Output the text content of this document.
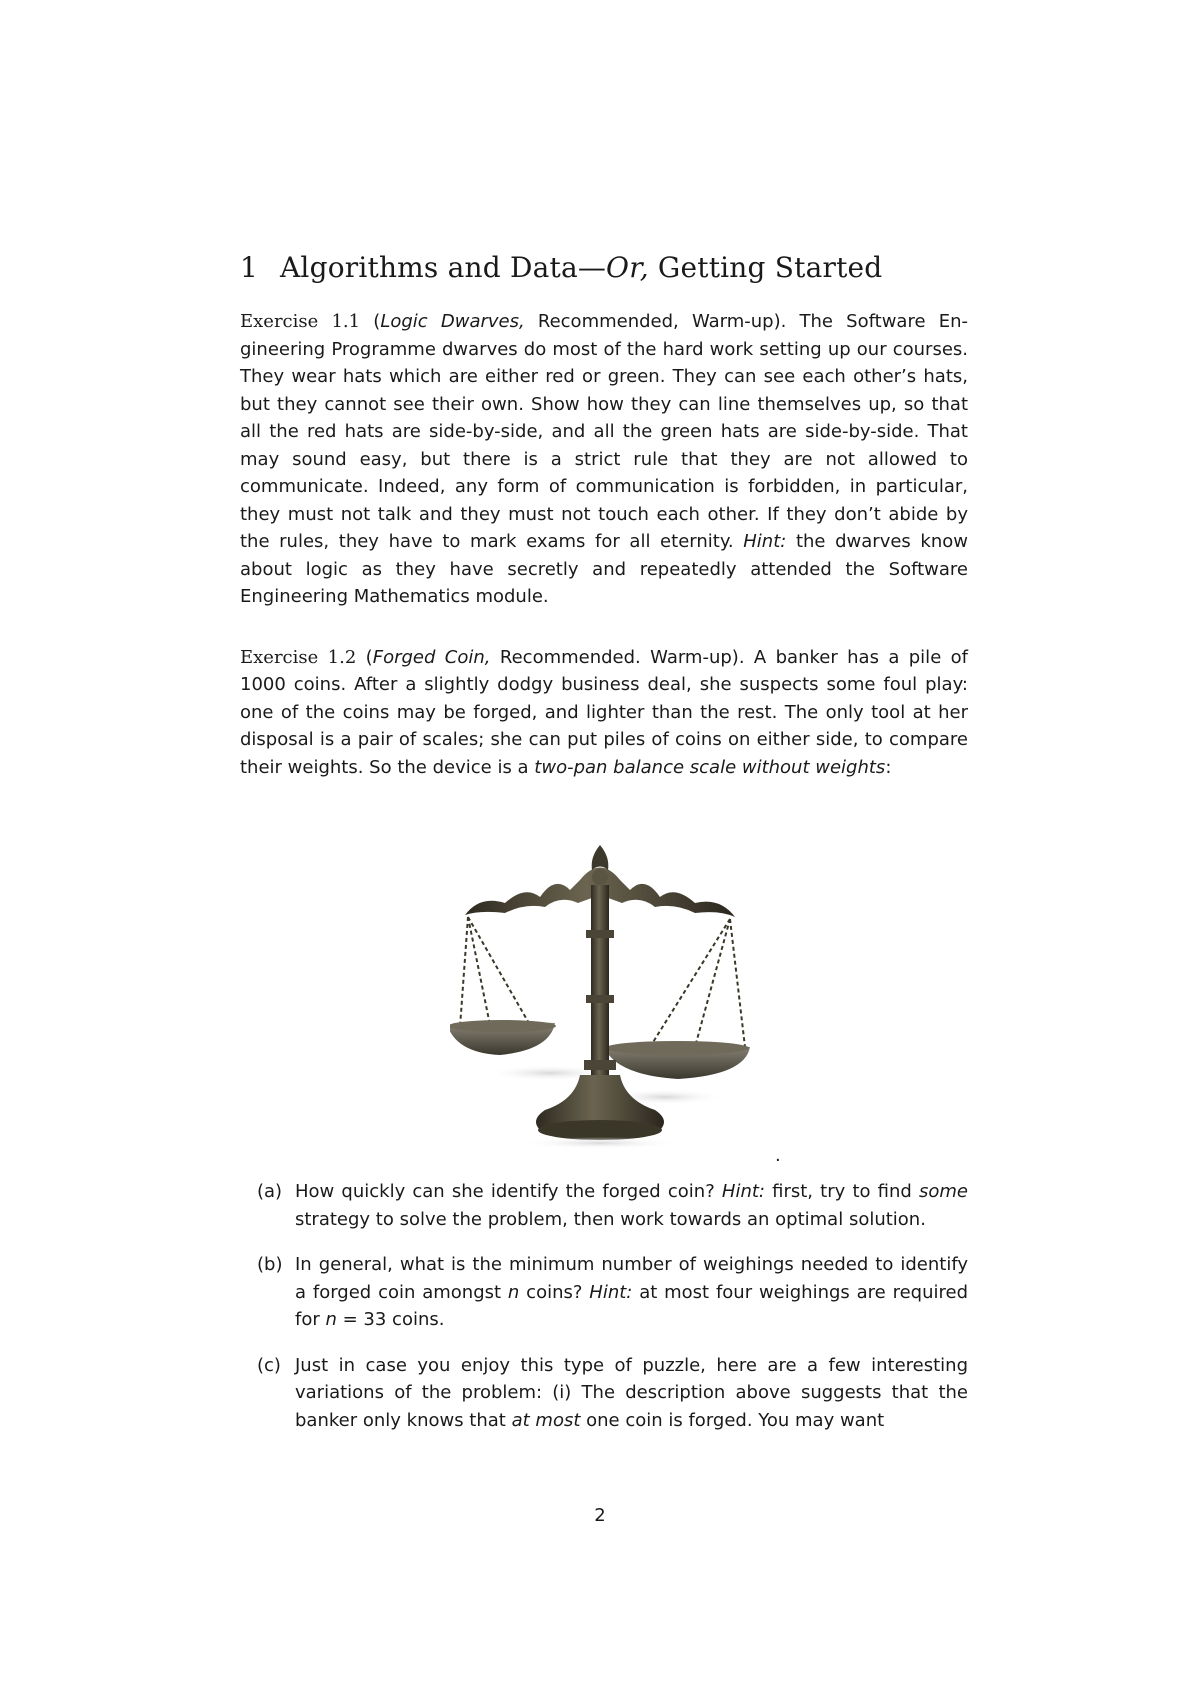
1 Algorithms and Data—Or, Getting Started

Exercise 1.1 (Logic Dwarves, Recommended, Warm-up). The Software Engineering Programme dwarves do most of the hard work setting up our courses. They wear hats which are either red or green. They can see each other’s hats, but they cannot see their own. Show how they can line themselves up, so that all the red hats are side-by-side, and all the green hats are side-by-side. That may sound easy, but there is a strict rule that they are not allowed to communicate. Indeed, any form of communication is forbidden, in particular, they must not talk and they must not touch each other. If they don’t abide by the rules, they have to mark exams for all eternity. Hint: the dwarves know about logic as they have secretly and repeatedly attended the Software Engineering Mathematics module.

Exercise 1.2 (Forged Coin, Recommended. Warm-up). A banker has a pile of 1000 coins. After a slightly dodgy business deal, she suspects some foul play: one of the coins may be forged, and lighter than the rest. The only tool at her disposal is a pair of scales; she can put piles of coins on either side, to compare their weights. So the device is a two-pan balance scale without weights:

.
(a) How quickly can she identify the forged coin? Hint: first, try to find some strategy to solve the problem, then work towards an optimal solution.
(b) In general, what is the minimum number of weighings needed to identify a forged coin amongst n coins? Hint: at most four weighings are required for n = 33 coins.
(c) Just in case you enjoy this type of puzzle, here are a few interesting variations of the problem: (i) The description above suggests that the banker only knows that at most one coin is forged. You may want
2
